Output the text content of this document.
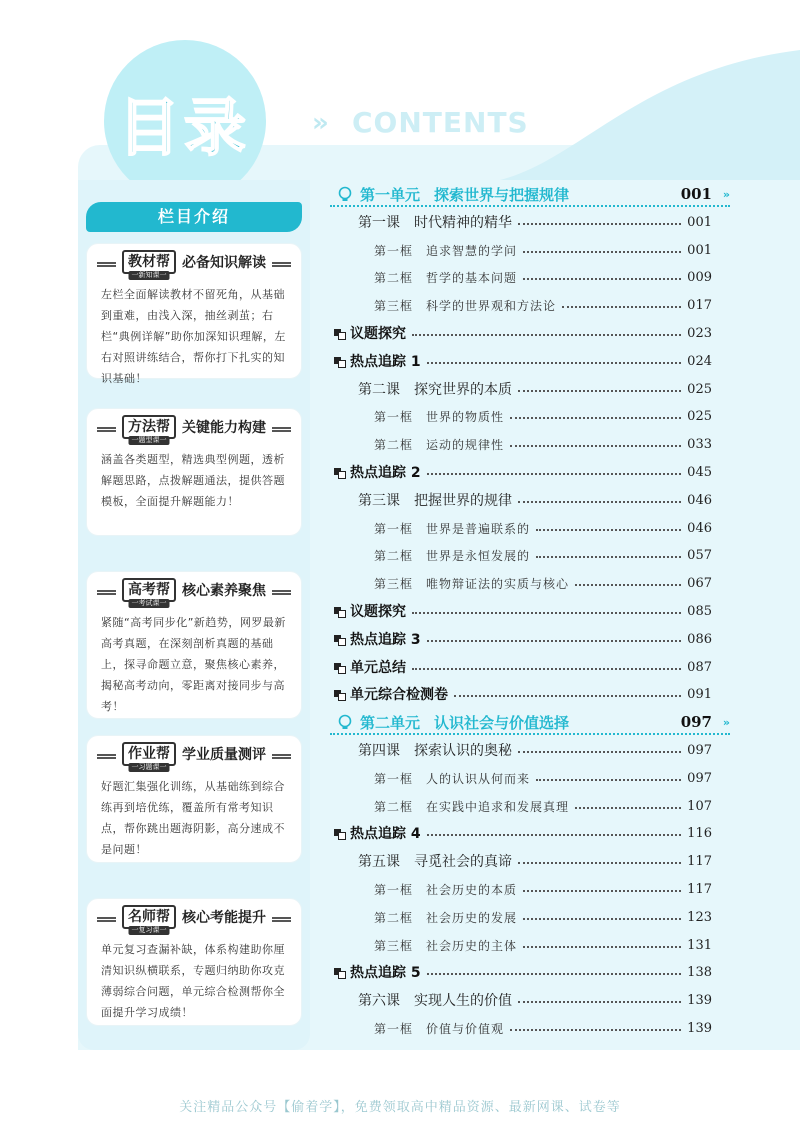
目录	» CONTENTS
栏目介绍
教材帮
一新知课一
必备知识解读
左栏全面解读教材不留死角，从基础到重难，由浅入深，抽丝剥茧；右栏“典例详解”助你加深知识理解，左右对照讲练结合，帮你打下扎实的知识基础！
方法帮
一题型课一
关键能力构建
涵盖各类题型，精选典型例题，透析解题思路，点拨解题通法，提供答题模板，全面提升解题能力！
高考帮
一考试课一
核心素养聚焦
紧随“高考同步化”新趋势，网罗最新高考真题，在深刻剖析真题的基础上，探寻命题立意，聚焦核心素养，揭秘高考动向，零距离对接同步与高考！
作业帮
一习题课一
学业质量测评
好题汇集强化训练，从基础练到综合练再到培优练，覆盖所有常考知识点，帮你跳出题海阴影，高分速成不是问题！
名师帮
一复习课一
核心考能提升
单元复习查漏补缺，体系构建助你厘清知识纵横联系，专题归纳助你攻克薄弱综合问题，单元综合检测帮你全面提升学习成绩！
第一单元 探索世界与把握规律	001 »
第一课　时代精神的精华	001
第一框　追求智慧的学问	001
第二框　哲学的基本问题	009
第三框　科学的世界观和方法论	017
议题探究	023
热点追踪 1	024
第二课　探究世界的本质	025
第一框　世界的物质性	025
第二框　运动的规律性	033
热点追踪 2	045
第三课　把握世界的规律	046
第一框　世界是普遍联系的	046
第二框　世界是永恒发展的	057
第三框　唯物辩证法的实质与核心	067
议题探究	085
热点追踪 3	086
单元总结	087
单元综合检测卷	091
第二单元 认识社会与价值选择	097 »
第四课　探索认识的奥秘	097
第一框　人的认识从何而来	097
第二框　在实践中追求和发展真理	107
热点追踪 4	116
第五课　寻觅社会的真谛	117
第一框　社会历史的本质	117
第二框　社会历史的发展	123
第三框　社会历史的主体	131
热点追踪 5	138
第六课　实现人生的价值	139
第一框　价值与价值观	139
关注精品公众号【偷着学】，免费领取高中精品资源、最新网课、试卷等
